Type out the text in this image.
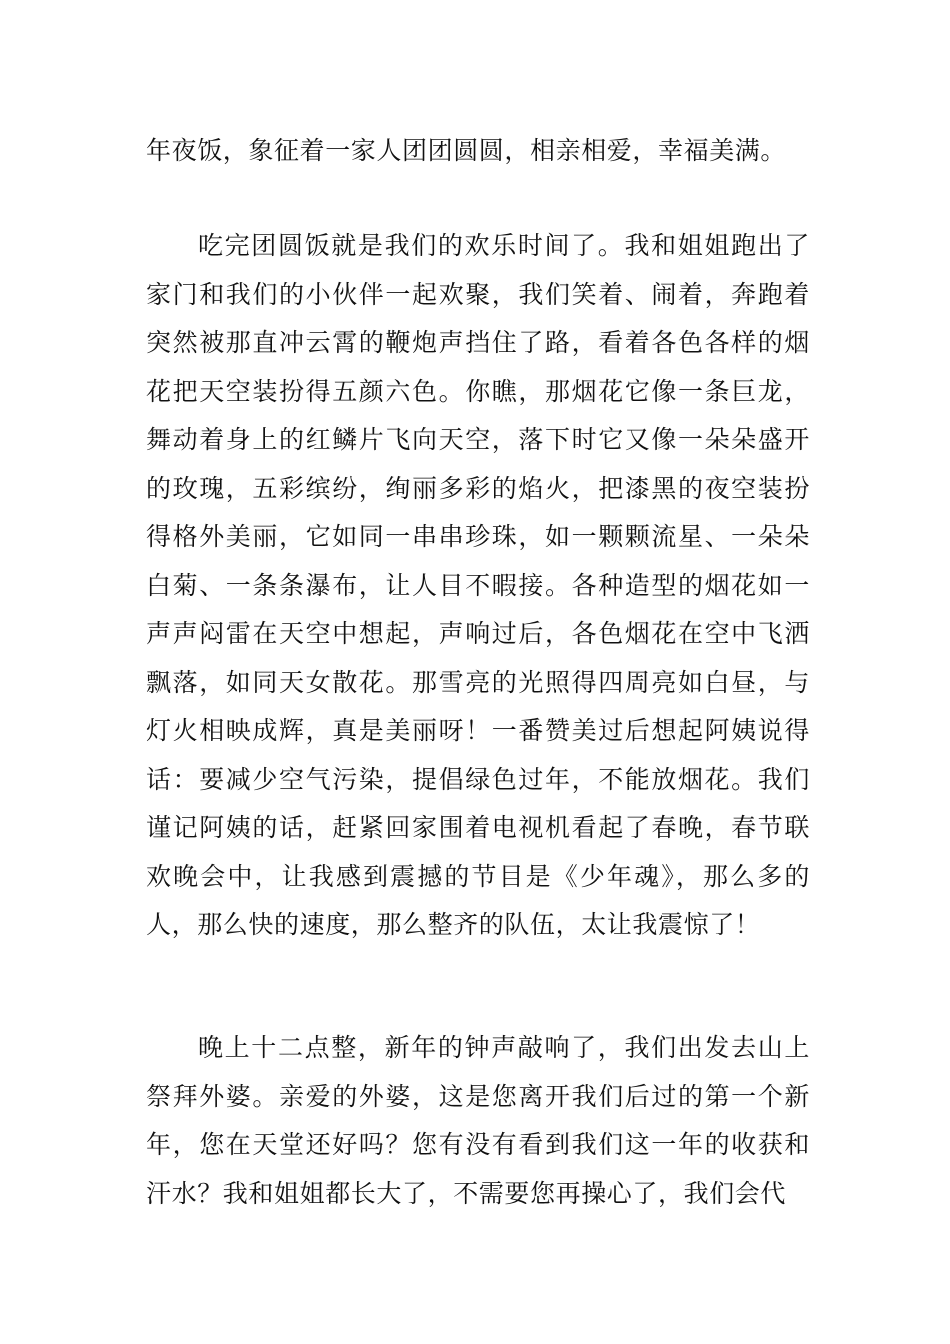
年夜饭，象征着一家人团团圆圆，相亲相爱，幸福美满。

吃完团圆饭就是我们的欢乐时间了。我和姐姐跑出了家门和我们的小伙伴一起欢聚，我们笑着、闹着，奔跑着突然被那直冲云霄的鞭炮声挡住了路，看着各色各样的烟花把天空装扮得五颜六色。你瞧，那烟花它像一条巨龙，舞动着身上的红鳞片飞向天空，落下时它又像一朵朵盛开的玫瑰，五彩缤纷，绚丽多彩的焰火，把漆黑的夜空装扮得格外美丽，它如同一串串珍珠，如一颗颗流星、一朵朵白菊、一条条瀑布，让人目不暇接。各种造型的烟花如一声声闷雷在天空中想起，声响过后，各色烟花在空中飞洒飘落，如同天女散花。那雪亮的光照得四周亮如白昼，与灯火相映成辉，真是美丽呀！一番赞美过后想起阿姨说得话：要减少空气污染，提倡绿色过年，不能放烟花。我们谨记阿姨的话，赶紧回家围着电视机看起了春晚，春节联欢晚会中，让我感到震撼的节目是《少年魂》，那么多的人，那么快的速度，那么整齐的队伍，太让我震惊了！

晚上十二点整，新年的钟声敲响了，我们出发去山上祭拜外婆。亲爱的外婆，这是您离开我们后过的第一个新年，您在天堂还好吗？您有没有看到我们这一年的收获和汗水？我和姐姐都长大了，不需要您再操心了，我们会代
